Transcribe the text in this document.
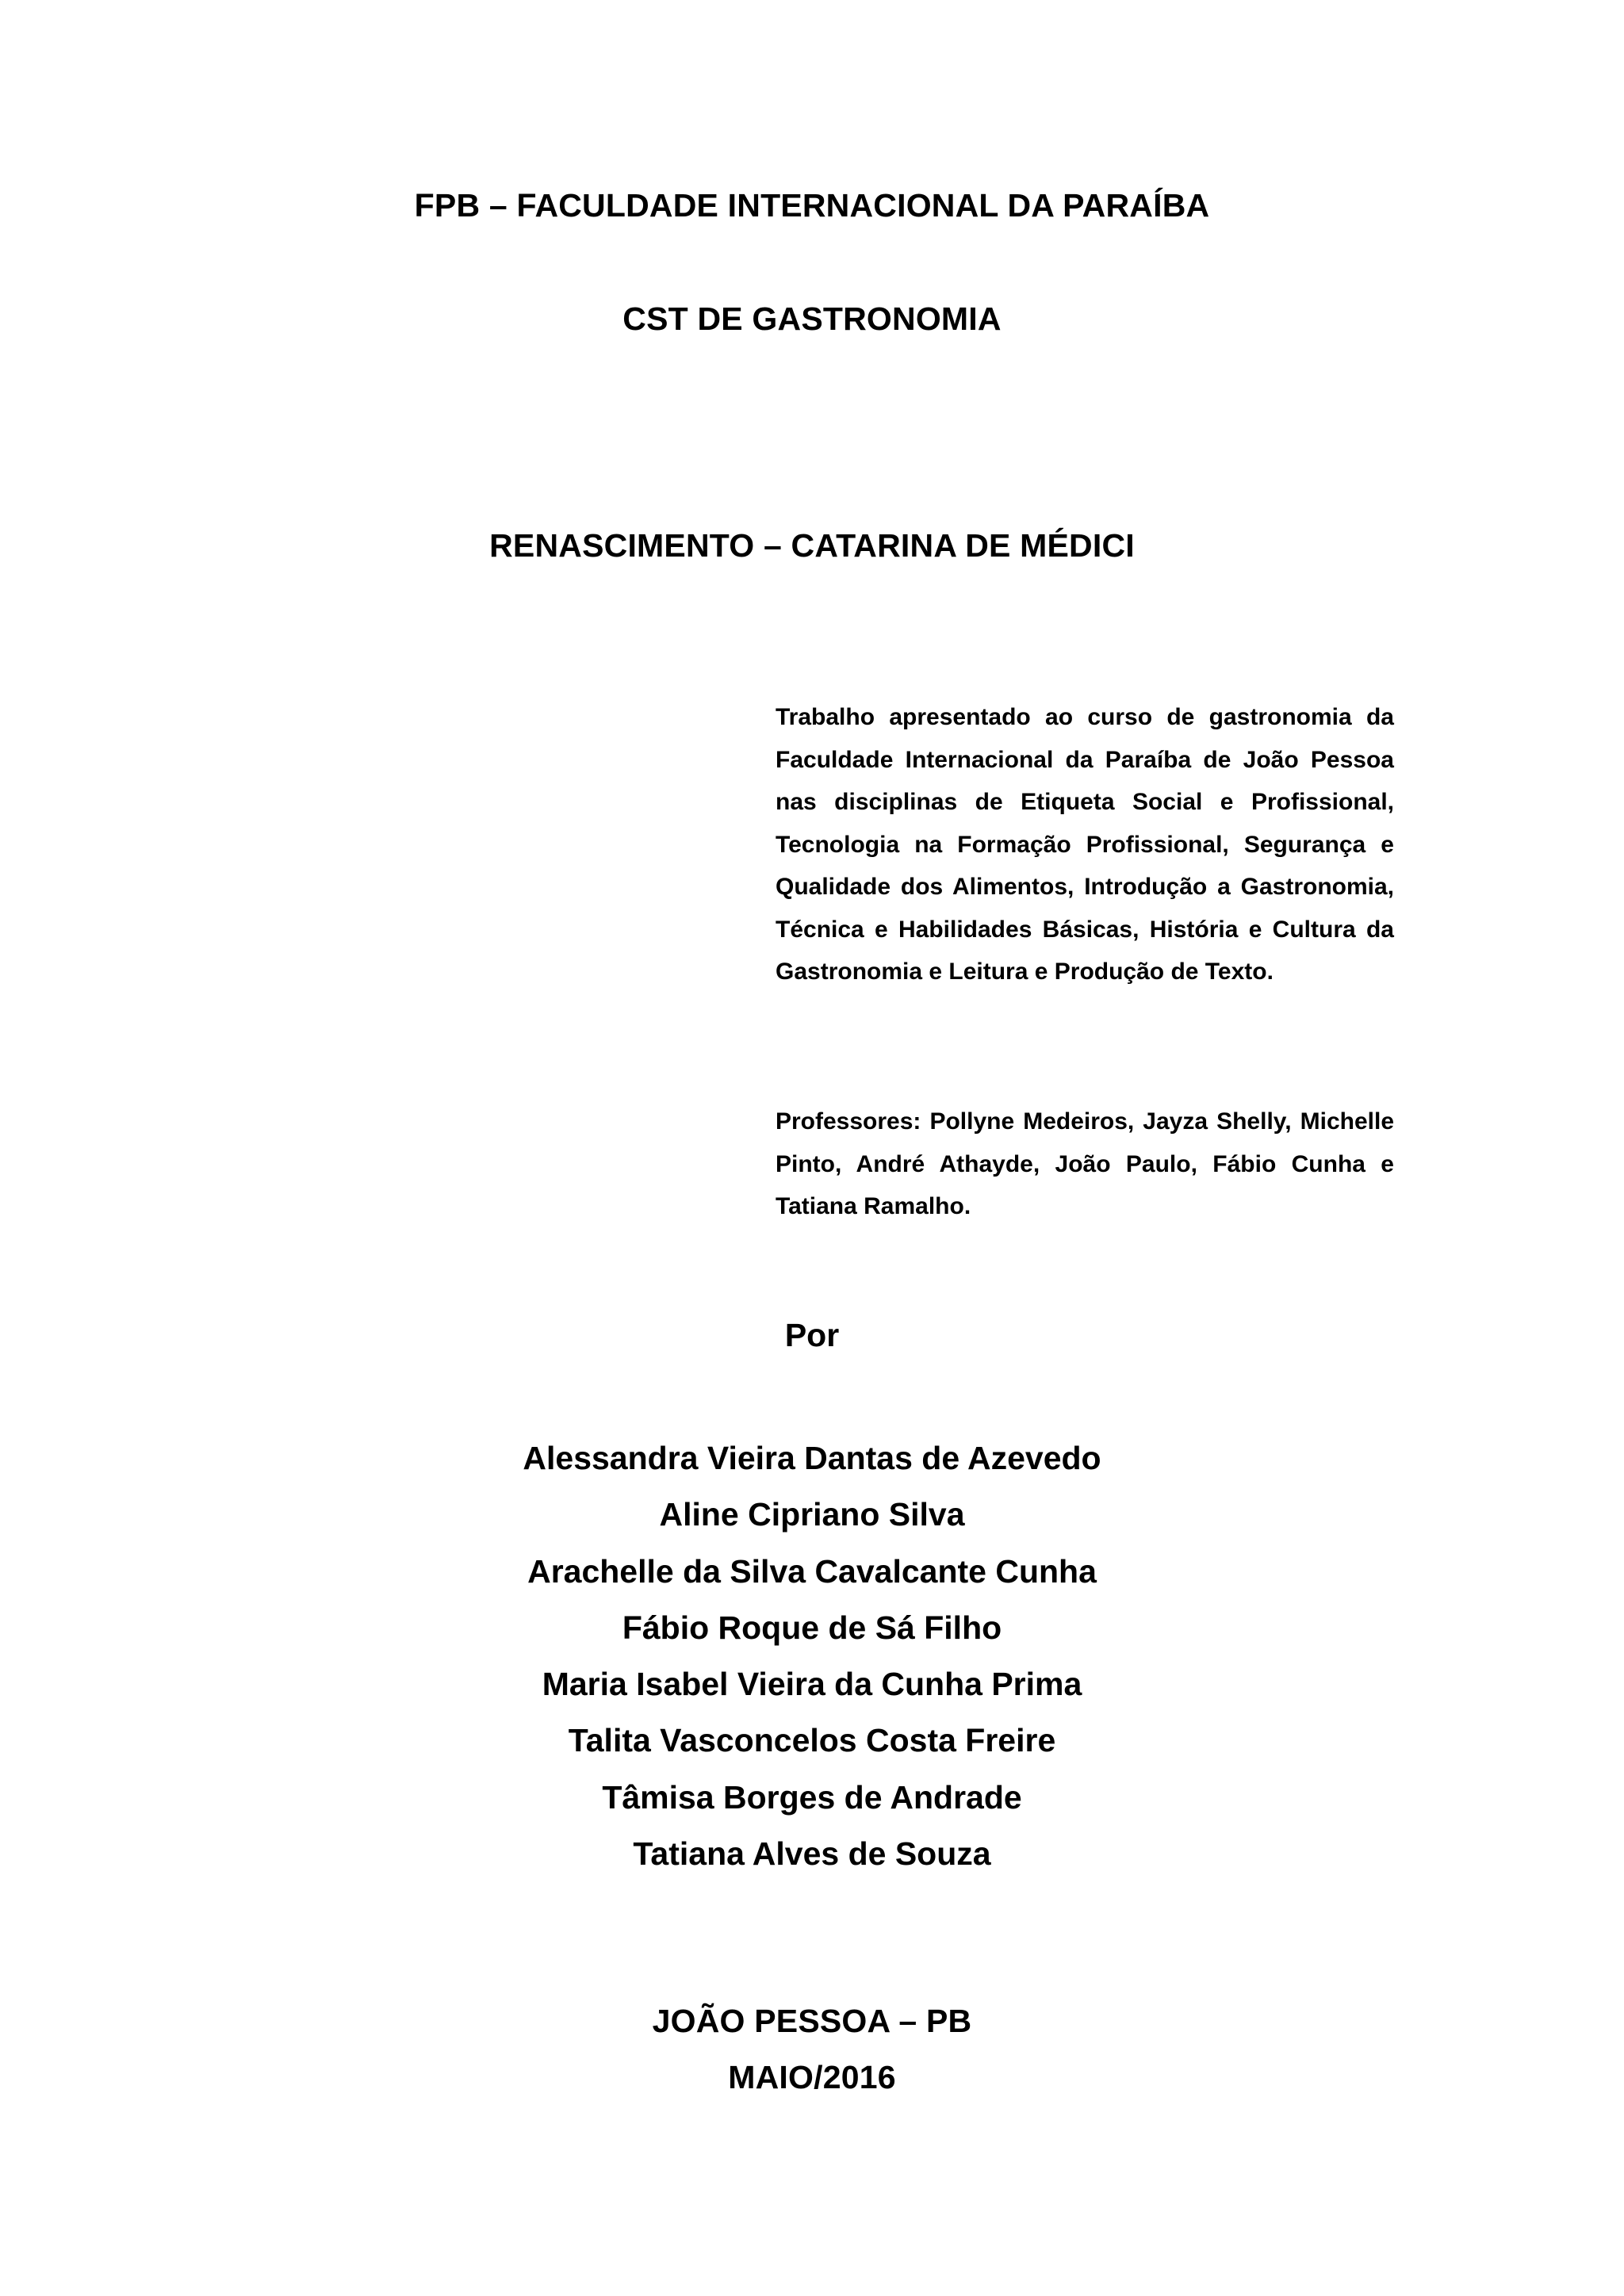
FPB – FACULDADE INTERNACIONAL DA PARAÍBA
CST DE GASTRONOMIA
RENASCIMENTO – CATARINA DE MÉDICI

Trabalho apresentado ao curso de gastronomia da Faculdade Internacional da Paraíba de João Pessoa nas disciplinas de Etiqueta Social e Profissional, Tecnologia na Formação Profissional, Segurança e Qualidade dos Alimentos, Introdução a Gastronomia, Técnica e Habilidades Básicas, História e Cultura da Gastronomia e Leitura e Produção de Texto.

Professores: Pollyne Medeiros, Jayza Shelly, Michelle Pinto, André Athayde, João Paulo, Fábio Cunha e Tatiana Ramalho.

Por
Alessandra Vieira Dantas de Azevedo
Aline Cipriano Silva
Arachelle da Silva Cavalcante Cunha
Fábio Roque de Sá Filho
Maria Isabel Vieira da Cunha Prima
Talita Vasconcelos Costa Freire
Tâmisa Borges de Andrade
Tatiana Alves de Souza
JOÃO PESSOA – PB
MAIO/2016
